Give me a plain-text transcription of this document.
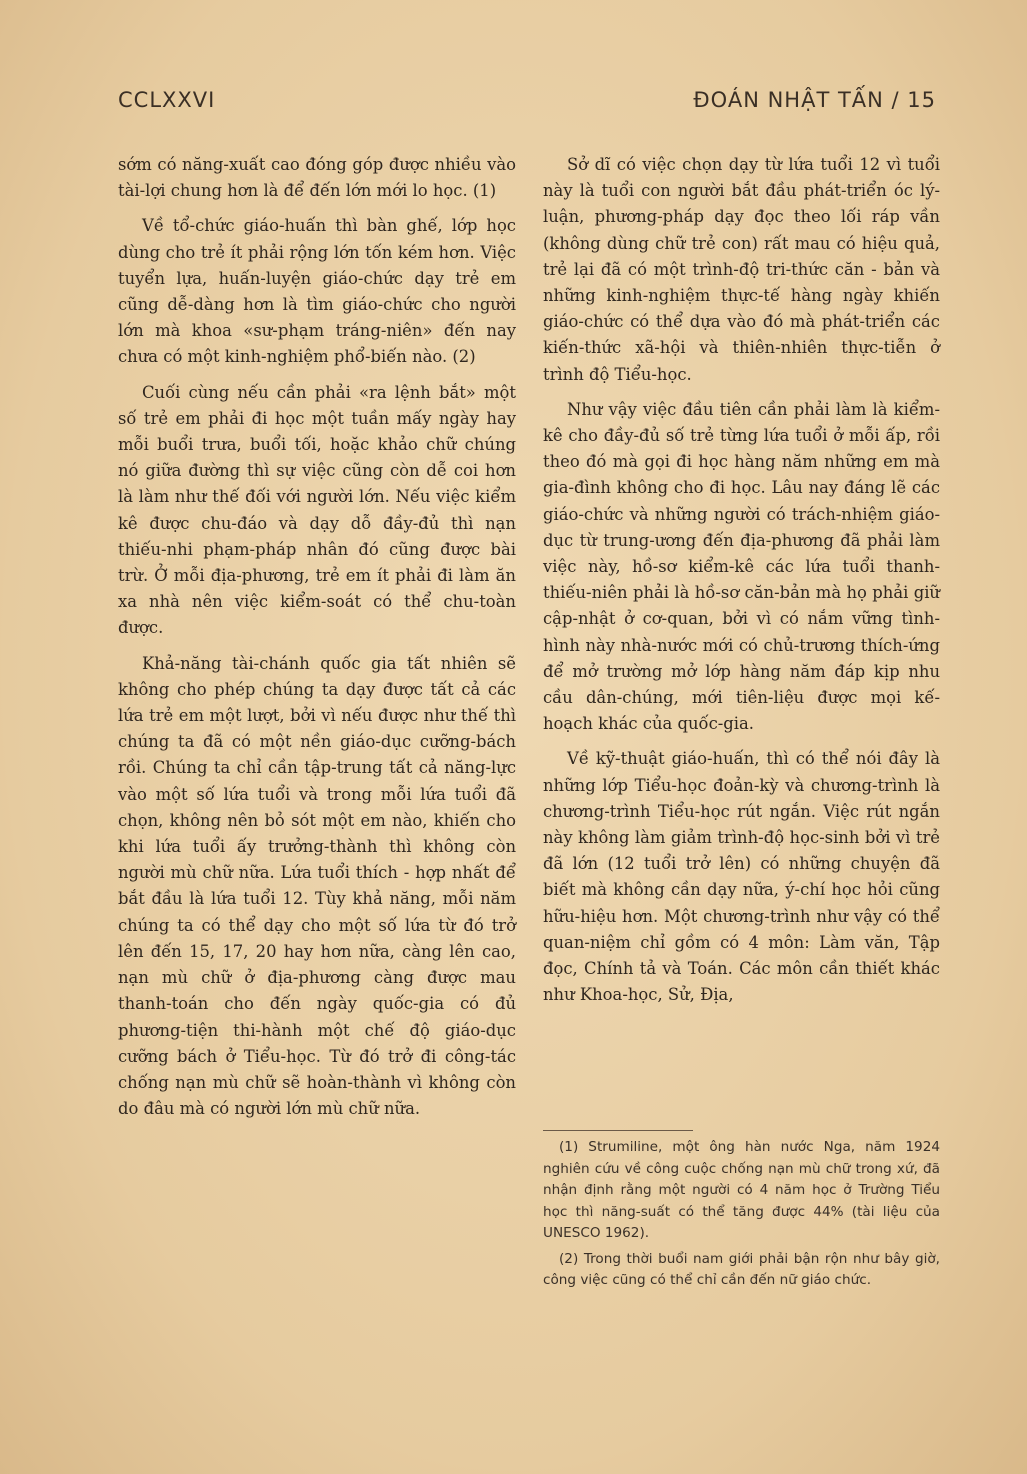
CCLXXVI	ĐOÁN NHẬT TẤN / 15

sớm có năng-xuất cao đóng góp được nhiều vào tài-lợi chung hơn là để đến lớn mới lo học. (1)

Về tổ-chức giáo-huấn thì bàn ghế, lớp học dùng cho trẻ ít phải rộng lớn tốn kém hơn. Việc tuyển lựa, huấn-luyện giáo-chức dạy trẻ em cũng dễ-dàng hơn là tìm giáo-chức cho người lớn mà khoa «sư-phạm tráng-niên» đến nay chưa có một kinh-nghiệm phổ-biến nào. (2)

Cuối cùng nếu cần phải «ra lệnh bắt» một số trẻ em phải đi học một tuần mấy ngày hay mỗi buổi trưa, buổi tối, hoặc khảo chữ chúng nó giữa đường thì sự việc cũng còn dễ coi hơn là làm như thế đối với người lớn. Nếu việc kiểm kê được chu-đáo và dạy dỗ đầy-đủ thì nạn thiếu-nhi phạm-pháp nhân đó cũng được bài trừ. Ở mỗi địa-phương, trẻ em ít phải đi làm ăn xa nhà nên việc kiểm-soát có thể chu-toàn được.

Khả-năng tài-chánh quốc gia tất nhiên sẽ không cho phép chúng ta dạy được tất cả các lứa trẻ em một lượt, bởi vì nếu được như thế thì chúng ta đã có một nền giáo-dục cưỡng-bách rồi. Chúng ta chỉ cần tập-trung tất cả năng-lực vào một số lứa tuổi và trong mỗi lứa tuổi đã chọn, không nên bỏ sót một em nào, khiến cho khi lứa tuổi ấy trưởng-thành thì không còn người mù chữ nữa. Lứa tuổi thích - hợp nhất để bắt đầu là lứa tuổi 12. Tùy khả năng, mỗi năm chúng ta có thể dạy cho một số lứa từ đó trở lên đến 15, 17, 20 hay hơn nữa, càng lên cao, nạn mù chữ ở địa-phương càng được mau thanh-toán cho đến ngày quốc-gia có đủ phương-tiện thi-hành một chế độ giáo-dục cưỡng bách ở Tiểu-học. Từ đó trở đi công-tác chống nạn mù chữ sẽ hoàn-thành vì không còn do đâu mà có người lớn mù chữ nữa.

Sở dĩ có việc chọn dạy từ lứa tuổi 12 vì tuổi này là tuổi con người bắt đầu phát-triển óc lý-luận, phương-pháp dạy đọc theo lối ráp vần (không dùng chữ trẻ con) rất mau có hiệu quả, trẻ lại đã có một trình-độ tri-thức căn - bản và những kinh-nghiệm thực-tế hàng ngày khiến giáo-chức có thể dựa vào đó mà phát-triển các kiến-thức xã-hội và thiên-nhiên thực-tiễn ở trình độ Tiểu-học.

Như vậy việc đầu tiên cần phải làm là kiểm-kê cho đầy-đủ số trẻ từng lứa tuổi ở mỗi ấp, rồi theo đó mà gọi đi học hàng năm những em mà gia-đình không cho đi học. Lâu nay đáng lẽ các giáo-chức và những người có trách-nhiệm giáo-dục từ trung-ương đến địa-phương đã phải làm việc này, hồ-sơ kiểm-kê các lứa tuổi thanh-thiếu-niên phải là hồ-sơ căn-bản mà họ phải giữ cập-nhật ở cơ-quan, bởi vì có nắm vững tình-hình này nhà-nước mới có chủ-trương thích-ứng để mở trường mở lớp hàng năm đáp kịp nhu cầu dân-chúng, mới tiên-liệu được mọi kế-hoạch khác của quốc-gia.

Về kỹ-thuật giáo-huấn, thì có thể nói đây là những lớp Tiểu-học đoản-kỳ và chương-trình là chương-trình Tiểu-học rút ngắn. Việc rút ngắn này không làm giảm trình-độ học-sinh bởi vì trẻ đã lớn (12 tuổi trở lên) có những chuyện đã biết mà không cần dạy nữa, ý-chí học hỏi cũng hữu-hiệu hơn. Một chương-trình như vậy có thể quan-niệm chỉ gồm có 4 môn: Làm văn, Tập đọc, Chính tả và Toán. Các môn cần thiết khác như Khoa-học, Sử, Địa,

(1) Strumiline, một ông hàn nước Nga, năm 1924 nghiên cứu về công cuộc chống nạn mù chữ trong xứ, đã nhận định rằng một người có 4 năm học ở Trường Tiểu học thì năng-suất có thể tăng được 44% (tài liệu của UNESCO 1962).

(2) Trong thời buổi nam giới phải bận rộn như bây giờ, công việc cũng có thể chỉ cần đến nữ giáo chức.
